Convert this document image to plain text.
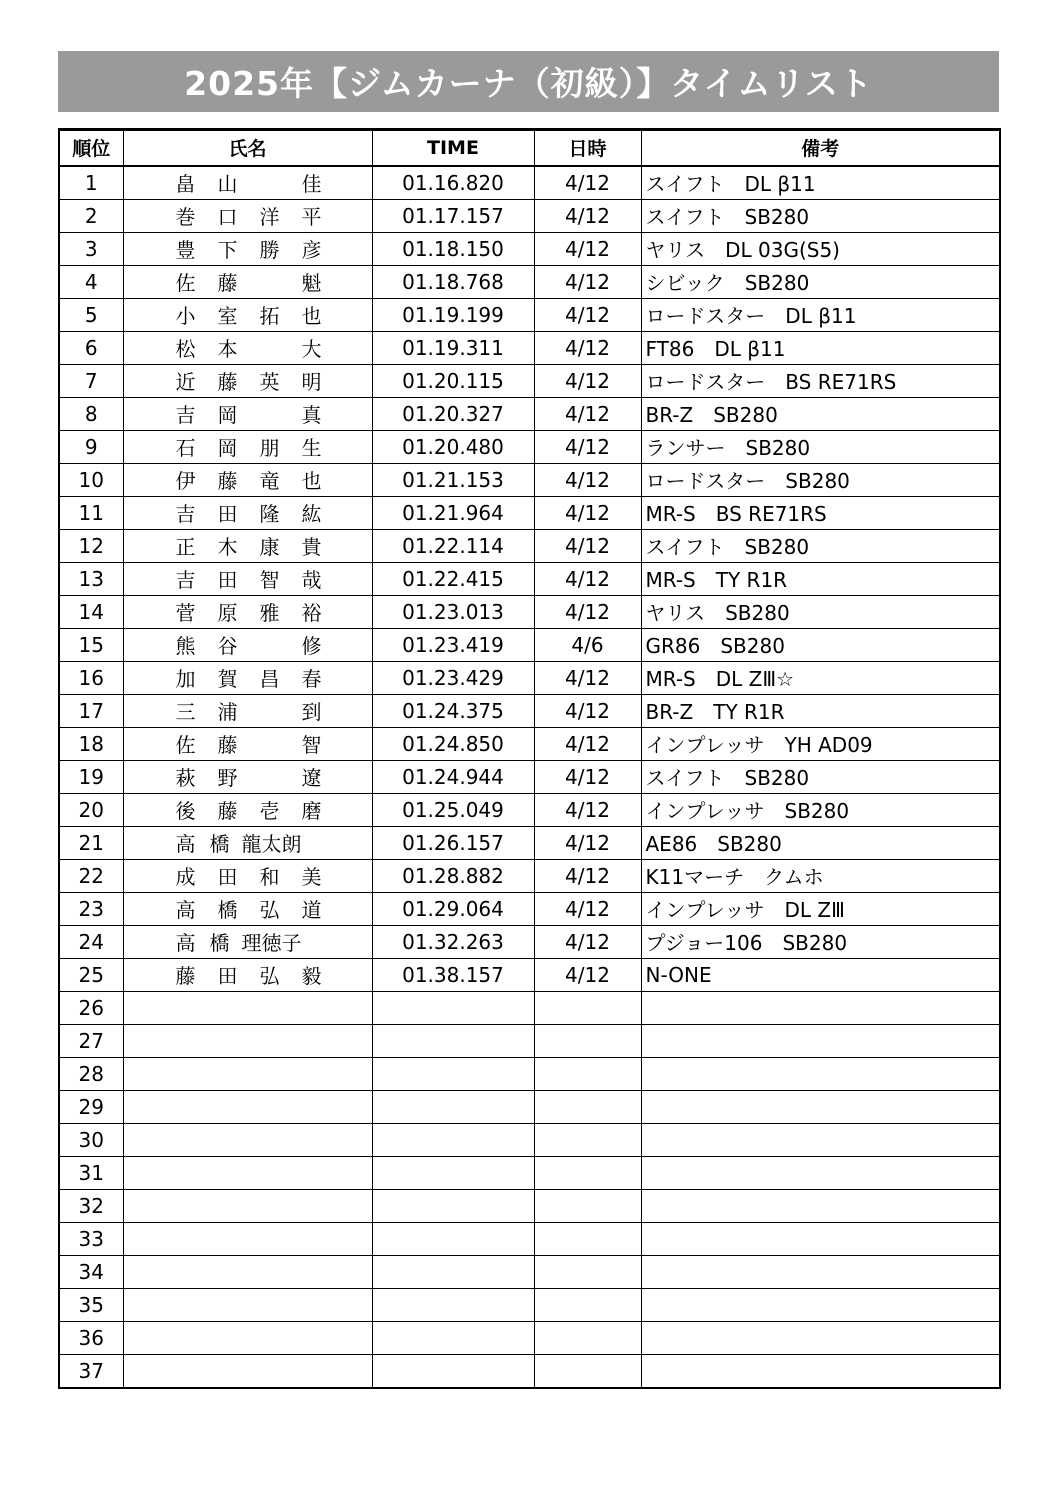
2025年【ジムカーナ（初級）】タイムリスト
順位	氏名	TIME	日時	備考
1	畠 山 佳	01.16.820	4/12	スイフト　DL β11
2	巻 口 洋 平	01.17.157	4/12	スイフト　SB280
3	豊 下 勝 彦	01.18.150	4/12	ヤリス　DL 03G(S5)
4	佐 藤 魁	01.18.768	4/12	シビック　SB280
5	小 室 拓 也	01.19.199	4/12	ロードスター　DL β11
6	松 本 大	01.19.311	4/12	FT86　DL β11
7	近 藤 英 明	01.20.115	4/12	ロードスター　BS RE71RS
8	吉 岡 真	01.20.327	4/12	BR-Z　SB280
9	石 岡 朋 生	01.20.480	4/12	ランサー　SB280
10	伊 藤 竜 也	01.21.153	4/12	ロードスター　SB280
11	吉 田 隆 紘	01.21.964	4/12	MR-S　BS RE71RS
12	正 木 康 貴	01.22.114	4/12	スイフト　SB280
13	吉 田 智 哉	01.22.415	4/12	MR-S　TY R1R
14	菅 原 雅 裕	01.23.013	4/12	ヤリス　SB280
15	熊 谷 修	01.23.419	4/6	GR86　SB280
16	加 賀 昌 春	01.23.429	4/12	MR-S　DL ZⅢ☆
17	三 浦 到	01.24.375	4/12	BR-Z　TY R1R
18	佐 藤 智	01.24.850	4/12	インプレッサ　YH AD09
19	萩 野 遼	01.24.944	4/12	スイフト　SB280
20	後 藤 壱 磨	01.25.049	4/12	インプレッサ　SB280
21	高 橋 龍太朗	01.26.157	4/12	AE86　SB280
22	成 田 和 美	01.28.882	4/12	K11マーチ　クムホ
23	高 橋 弘 道	01.29.064	4/12	インプレッサ　DL ZⅢ
24	高 橋 理徳子	01.32.263	4/12	プジョー106　SB280
25	藤 田 弘 毅	01.38.157	4/12	N-ONE
26	

27	

28	

29	

30	

31	

32	

33	

34	

35	

36	

37	
